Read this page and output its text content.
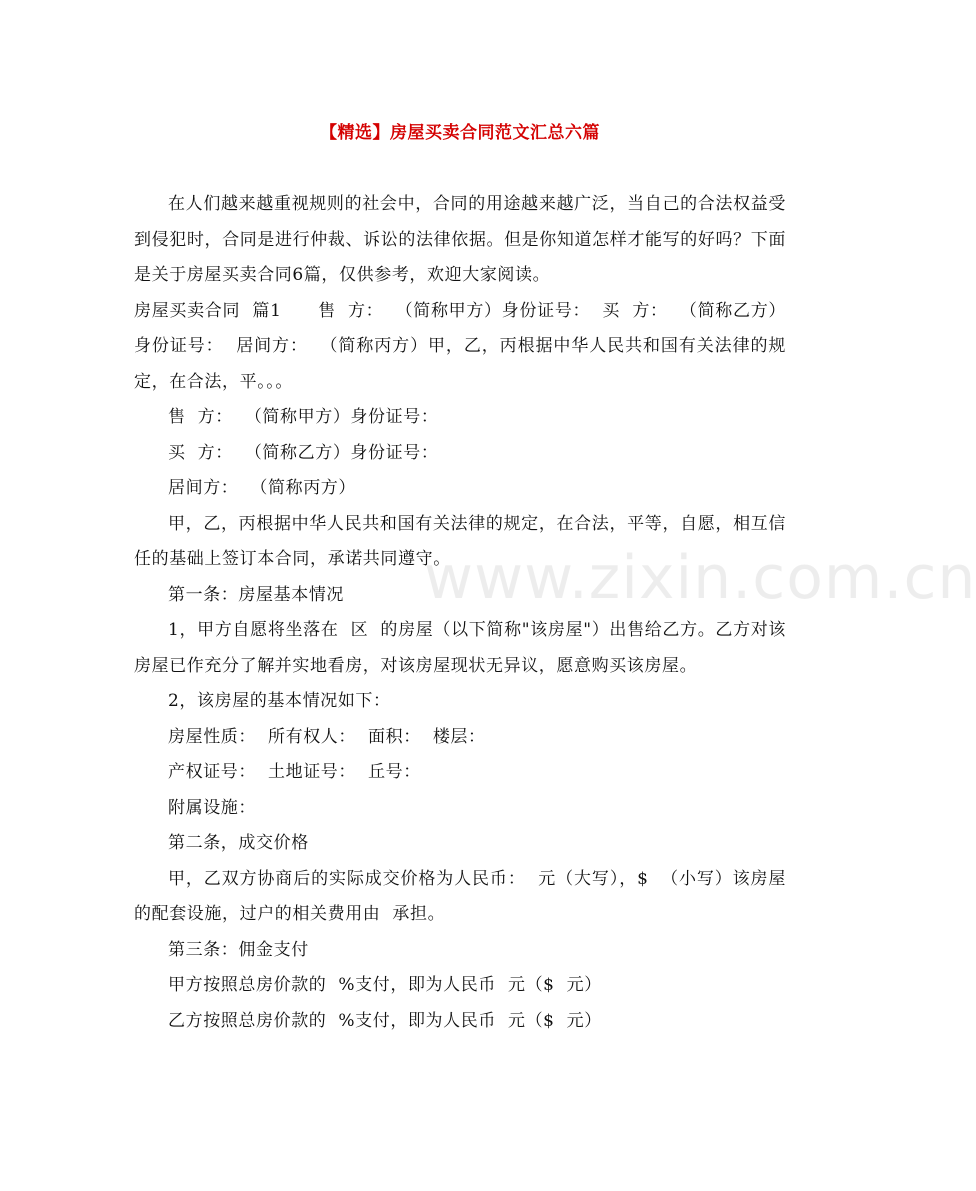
【精选】房屋买卖合同范文汇总六篇
www.zixin.com.cn

在人们越来越重视规则的社会中，合同的用途越来越广泛，当自己的合法权益受到侵犯时，合同是进行仲裁、诉讼的法律依据。但是你知道怎样才能写的好吗？下面是关于房屋买卖合同6篇，仅供参考，欢迎大家阅读。

房屋买卖合同  篇1      售  方：  （简称甲方）身份证号：  买  方：  （简称乙方）身份证号：  居间方：  （简称丙方）甲，乙，丙根据中华人民共和国有关法律的规定，在合法，平。。。

售  方：  （简称甲方）身份证号：

买  方：  （简称乙方）身份证号：

居间方：  （简称丙方）

甲，乙，丙根据中华人民共和国有关法律的规定，在合法，平等，自愿，相互信任的基础上签订本合同，承诺共同遵守。

第一条：房屋基本情况

1，甲方自愿将坐落在  区  的房屋（以下简称"该房屋"）出售给乙方。乙方对该房屋已作充分了解并实地看房，对该房屋现状无异议，愿意购买该房屋。

2，该房屋的基本情况如下：

房屋性质：  所有权人：  面积：  楼层：

产权证号：  土地证号：  丘号：

附属设施：

第二条，成交价格

甲，乙双方协商后的实际成交价格为人民币：  元（大写），$  （小写）该房屋的配套设施，过户的相关费用由  承担。

第三条：佣金支付

甲方按照总房价款的  %支付，即为人民币  元（$  元）

乙方按照总房价款的  %支付，即为人民币  元（$  元）
